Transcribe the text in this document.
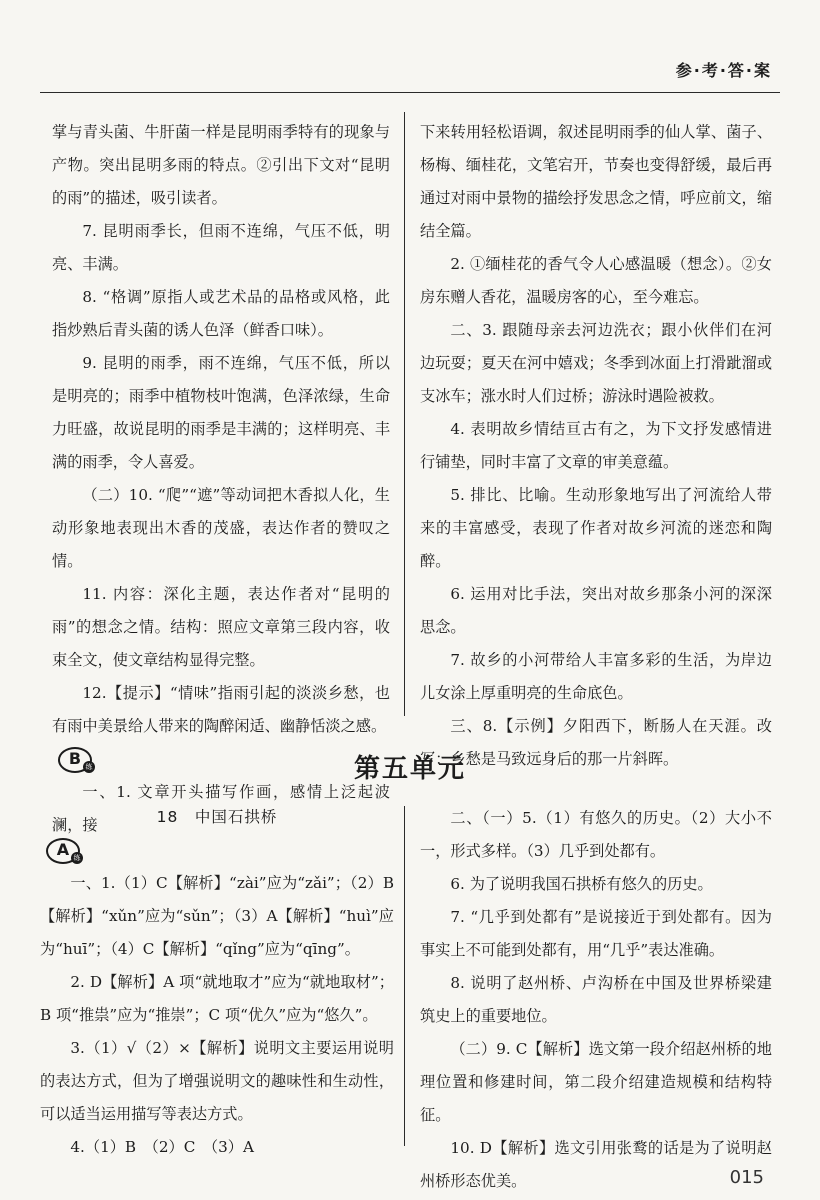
参·考·答·案

掌与青头菌、牛肝菌一样是昆明雨季特有的现象与产物。突出昆明多雨的特点。②引出下文对“昆明的雨”的描述，吸引读者。

7. 昆明雨季长，但雨不连绵，气压不低，明亮、丰满。

8. “格调”原指人或艺术品的品格或风格，此指炒熟后青头菌的诱人色泽（鲜香口味）。

9. 昆明的雨季，雨不连绵，气压不低，所以是明亮的；雨季中植物枝叶饱满，色泽浓绿，生命力旺盛，故说昆明的雨季是丰满的；这样明亮、丰满的雨季，令人喜爱。

（二）10. “爬”“遮”等动词把木香拟人化，生动形象地表现出木香的茂盛，表达作者的赞叹之情。

11. 内容：深化主题，表达作者对“昆明的雨”的想念之情。结构：照应文章第三段内容，收束全文，使文章结构显得完整。

12.【提示】“情味”指雨引起的淡淡乡愁，也有雨中美景给人带来的陶醉闲适、幽静恬淡之感。

B 练

一、1. 文章开头描写作画，感情上泛起波澜，接

下来转用轻松语调，叙述昆明雨季的仙人掌、菌子、杨梅、缅桂花，文笔宕开，节奏也变得舒缓，最后再通过对雨中景物的描绘抒发思念之情，呼应前文，缩结全篇。

2. ①缅桂花的香气令人心感温暖（想念）。②女房东赠人香花，温暖房客的心，至今难忘。

二、3. 跟随母亲去河边洗衣；跟小伙伴们在河边玩耍；夏天在河中嬉戏；冬季到冰面上打滑跐溜或支冰车；涨水时人们过桥；游泳时遇险被救。

4. 表明故乡情结亘古有之，为下文抒发感情进行铺垫，同时丰富了文章的审美意蕴。

5. 排比、比喻。生动形象地写出了河流给人带来的丰富感受，表现了作者对故乡河流的迷恋和陶醉。

6. 运用对比手法，突出对故乡那条小河的深深思念。

7. 故乡的小河带给人丰富多彩的生活，为岸边儿女涂上厚重明亮的生命底色。

三、8.【示例】夕阳西下，断肠人在天涯。改写：乡愁是马致远身后的那一片斜晖。

第五单元
18　中国石拱桥
A 练

一、1.（1）C【解析】“zài”应为“zǎi”；（2）B【解析】“xǔn”应为“sǔn”；（3）A【解析】“huì”应为“huī”；（4）C【解析】“qǐng”应为“qīng”。

2. D【解析】A 项“就地取才”应为“就地取材”；B 项“推祟”应为“推崇”；C 项“优久”应为“悠久”。

3.（1）√（2）×【解析】说明文主要运用说明的表达方式，但为了增强说明文的趣味性和生动性，可以适当运用描写等表达方式。

4.（1）B　（2）C　（3）A

二、（一）5.（1）有悠久的历史。（2）大小不一，形式多样。（3）几乎到处都有。

6. 为了说明我国石拱桥有悠久的历史。

7. “几乎到处都有”是说接近于到处都有。因为事实上不可能到处都有，用“几乎”表达准确。

8. 说明了赵州桥、卢沟桥在中国及世界桥梁建筑史上的重要地位。

（二）9. C【解析】选文第一段介绍赵州桥的地理位置和修建时间，第二段介绍建造规模和结构特征。

10. D【解析】选文引用张鹜的话是为了说明赵州桥形态优美。	015
